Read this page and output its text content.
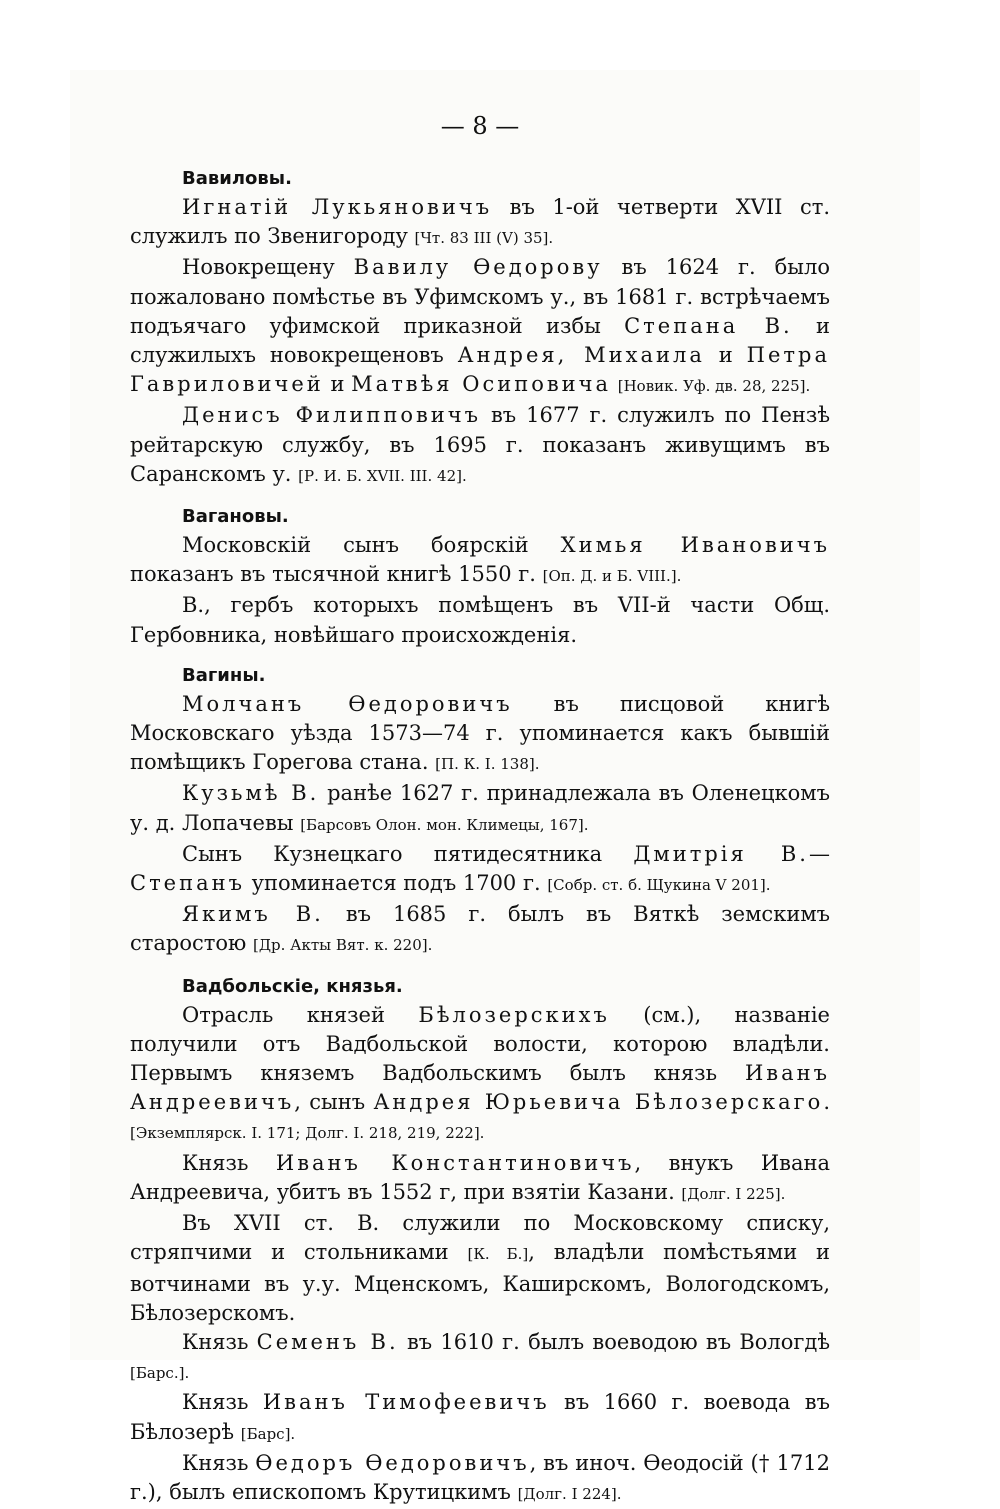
— 8 —
Вавиловы.

Игнатій Лукьяновичъ въ 1-ой четверти XVII ст. служилъ по Звенигороду [Чт. 83 III (V) 35].

Новокрещену Вавилу Өедорову въ 1624 г. было пожаловано помѣстье въ Уфимскомъ у., въ 1681 г. встрѣчаемъ подъячаго уфимской приказной избы Степана В. и служилыхъ новокрещеновъ Андрея, Михаила и Петра Гавриловичей и Матвѣя Осиповича [Новик. Уф. дв. 28, 225].

Денисъ Филипповичъ въ 1677 г. служилъ по Пензѣ рейтарскую службу, въ 1695 г. показанъ живущимъ въ Саранскомъ у. [Р. И. Б. XVII. III. 42].

Вагановы.

Московскій сынъ боярскій Химья Ивановичъ показанъ въ тысячной книгѣ 1550 г. [Оп. Д. и Б. VIII.].

В., гербъ которыхъ помѣщенъ въ VII-й части Общ. Гербовника, новѣйшаго происхожденія.

Вагины.

Молчанъ Өедоровичъ въ писцовой книгѣ Московскаго уѣзда 1573—74 г. упоминается какъ бывшій помѣщикъ Горегова стана. [П. К. I. 138].

Кузьмѣ В. ранѣе 1627 г. принадлежала въ Оленецкомъ у. д. Лопачевы [Барсовъ Олон. мон. Климецы, 167].

Сынъ Кузнецкаго пятидесятника Дмитрія В.—Степанъ упоминается подъ 1700 г. [Собр. ст. б. Щукина V 201].

Якимъ В. въ 1685 г. былъ въ Вяткѣ земскимъ старостою [Др. Акты Вят. к. 220].

Вадбольскіе, князья.

Отрасль князей Бѣлозерскихъ (см.), названіе получили отъ Вадбольской волости, которою владѣли. Первымъ княземъ Вадбольскимъ былъ князь Иванъ Андреевичъ, сынъ Андрея Юрьевича Бѣлозерскаго. [Экземплярск. I. 171; Долг. I. 218, 219, 222].

Князь Иванъ Константиновичъ, внукъ Ивана Андреевича, убитъ въ 1552 г, при взятіи Казани. [Долг. I 225].

Въ XVII ст. В. служили по Московскому списку, стряпчими и стольниками [К. Б.], владѣли помѣстьями и вотчинами въ у.у. Мценскомъ, Каширскомъ, Вологодскомъ, Бѣлозерскомъ.

Князь Семенъ В. въ 1610 г. былъ воеводою въ Вологдѣ [Барс.].

Князь Иванъ Тимофеевичъ въ 1660 г. воевода въ Бѣлозерѣ [Барс].

Князь Өедоръ Өедоровичъ, въ иноч. Өеодосій († 1712 г.), былъ епископомъ Крутицкимъ [Долг. I 224].
